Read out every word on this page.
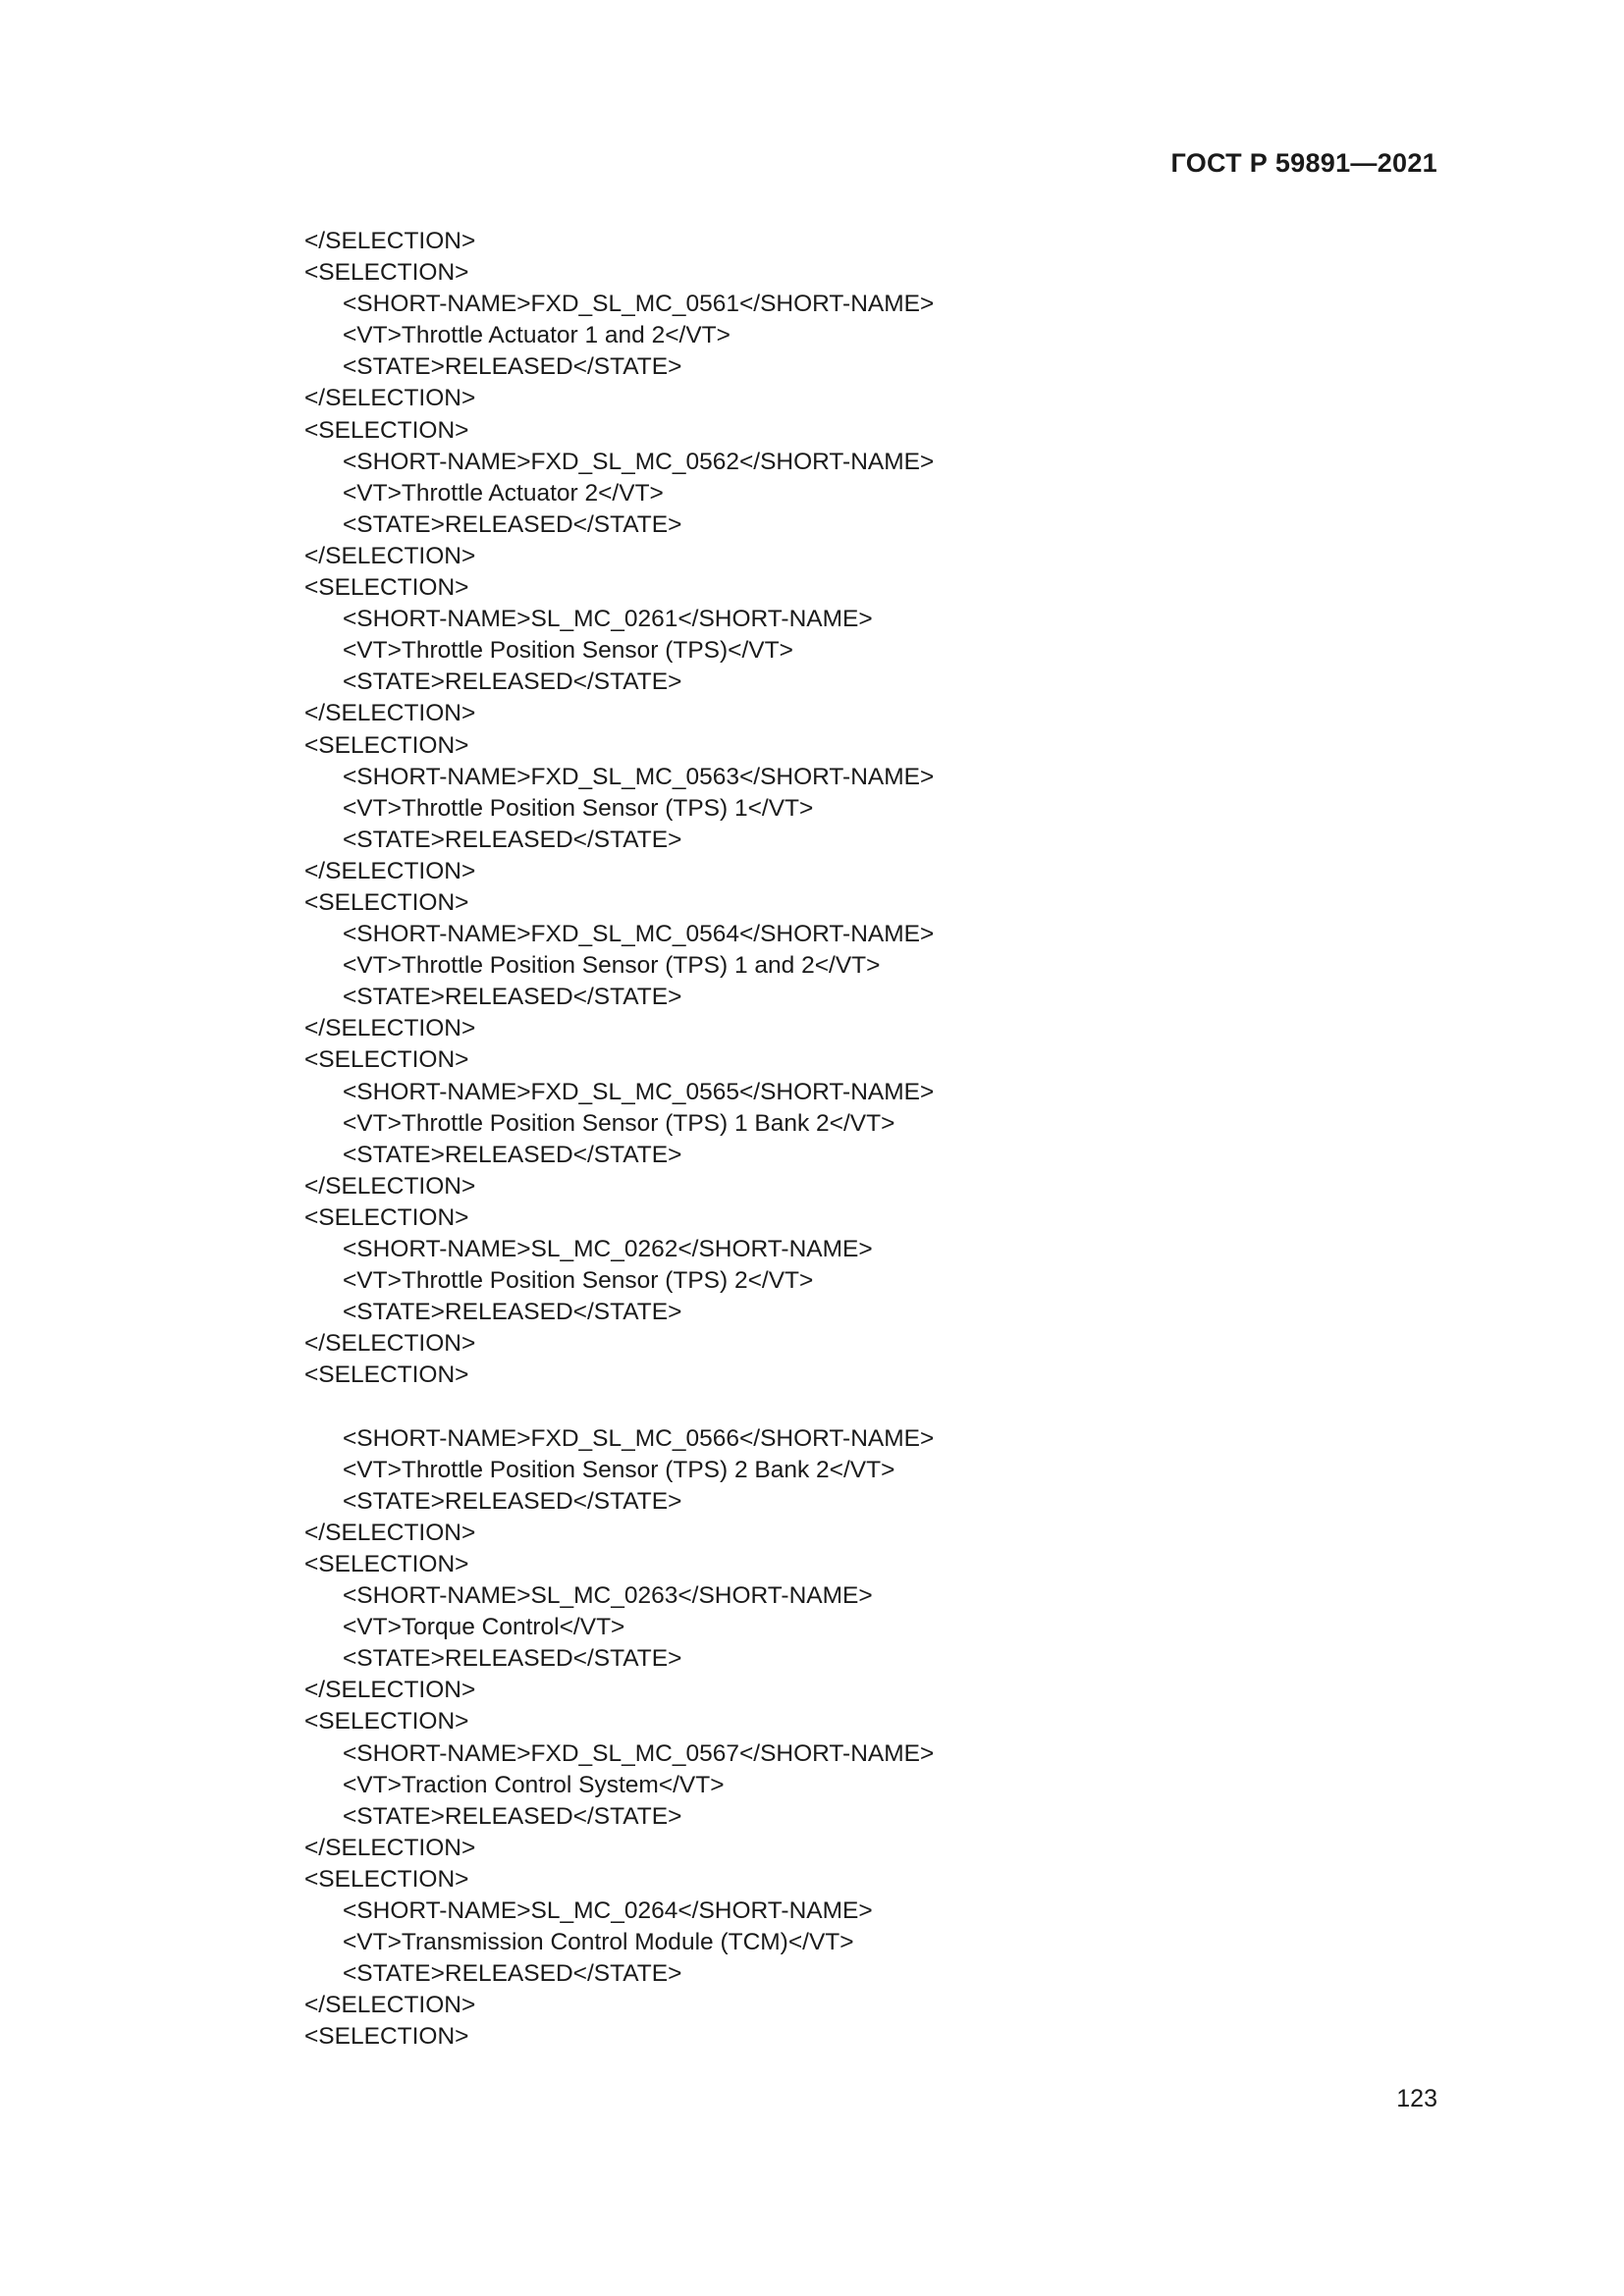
ГОСТ Р 59891—2021
</SELECTION>
<SELECTION>
<SHORT-NAME>FXD_SL_MC_0561</SHORT-NAME>
<VT>Throttle Actuator 1 and 2</VT>
<STATE>RELEASED</STATE>
</SELECTION>
<SELECTION>
<SHORT-NAME>FXD_SL_MC_0562</SHORT-NAME>
<VT>Throttle Actuator 2</VT>
<STATE>RELEASED</STATE>
</SELECTION>
<SELECTION>
<SHORT-NAME>SL_MC_0261</SHORT-NAME>
<VT>Throttle Position Sensor (TPS)</VT>
<STATE>RELEASED</STATE>
</SELECTION>
<SELECTION>
<SHORT-NAME>FXD_SL_MC_0563</SHORT-NAME>
<VT>Throttle Position Sensor (TPS) 1</VT>
<STATE>RELEASED</STATE>
</SELECTION>
<SELECTION>
<SHORT-NAME>FXD_SL_MC_0564</SHORT-NAME>
<VT>Throttle Position Sensor (TPS) 1 and 2</VT>
<STATE>RELEASED</STATE>
</SELECTION>
<SELECTION>
<SHORT-NAME>FXD_SL_MC_0565</SHORT-NAME>
<VT>Throttle Position Sensor (TPS) 1 Bank 2</VT>
<STATE>RELEASED</STATE>
</SELECTION>
<SELECTION>
<SHORT-NAME>SL_MC_0262</SHORT-NAME>
<VT>Throttle Position Sensor (TPS) 2</VT>
<STATE>RELEASED</STATE>
</SELECTION>
<SELECTION>
<SHORT-NAME>FXD_SL_MC_0566</SHORT-NAME>
<VT>Throttle Position Sensor (TPS) 2 Bank 2</VT>
<STATE>RELEASED</STATE>
</SELECTION>
<SELECTION>
<SHORT-NAME>SL_MC_0263</SHORT-NAME>
<VT>Torque Control</VT>
<STATE>RELEASED</STATE>
</SELECTION>
<SELECTION>
<SHORT-NAME>FXD_SL_MC_0567</SHORT-NAME>
<VT>Traction Control System</VT>
<STATE>RELEASED</STATE>
</SELECTION>
<SELECTION>
<SHORT-NAME>SL_MC_0264</SHORT-NAME>
<VT>Transmission Control Module (TCM)</VT>
<STATE>RELEASED</STATE>
</SELECTION>
<SELECTION>
123
